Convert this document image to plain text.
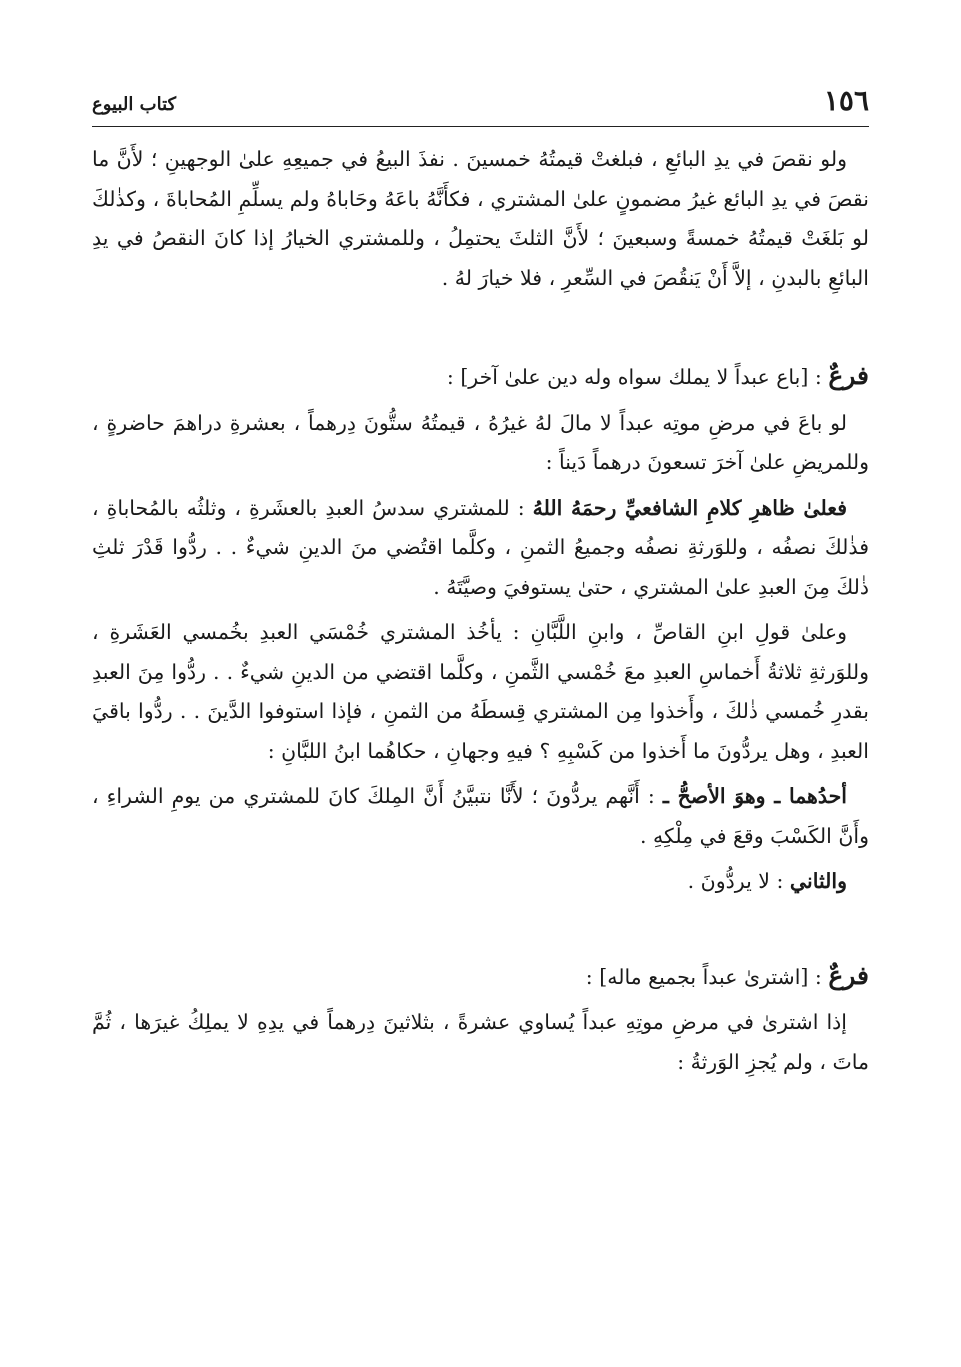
١٥٦
كتاب البيوع

ولو نقصَ في يدِ البائعِ ، فبلغتْ قيمتُهُ خمسينَ . نفذَ البيعُ في جميعِهِ علىٰ الوجهينِ ؛ لأَنَّ ما نقصَ في يدِ البائع غيرُ مضمونٍ علىٰ المشتري ، فكأَنَّهُ باعَهُ وحَاباهُ ولم يسلِّمِ المُحاباةَ ، وكذٰلكَ لو بَلغَتْ قيمتُهُ خمسةً وسبعينَ ؛ لأَنَّ الثلثَ يحتمِلُ ، وللمشتري الخيارُ إذا كانَ النقصُ في يدِ البائعِ بالبدنِ ، إلاَّ أَنْ يَنقُصَ في السِّعرِ ، فلا خيارَ لهُ .

فرعٌ : [باع عبداً لا يملك سواه وله دين علىٰ آخر] :

لو باعَ في مرضِ موتِه عبداً لا مالَ لهُ غيرُهُ ، قيمتُهُ ستُّونَ دِرهماً ، بعشرةِ دراهمَ حاضرةٍ ، وللمريضِ علىٰ آخرَ تسعونَ درهماً دَيناً :

فعلىٰ ظاهرِ كلامِ الشافعيِّ رحمَهُ اللهُ : للمشتري سدسُ العبدِ بالعشَرةِ ، وثلثُه بالمُحاباةِ ، فذٰلكَ نصفُه ، وللوَرثةِ نصفُه وجميعُ الثمنِ ، وكلَّما اقتُضي منَ الدينِ شيءٌ . . ردُّوا قَدْرَ ثلثِ ذٰلكَ مِنَ العبدِ علىٰ المشتري ، حتىٰ يستوفيَ وصيَّتَهُ .

وعلىٰ قولِ ابنِ القاصِّ ، وابنِ اللَّبَّانِ : يأخُذ المشتري خُمْسَي العبدِ بخُمسي العَشَرةِ ، وللوَرثةِ ثلاثةُ أَخماسِ العبدِ معَ خُمْسي الثَّمنِ ، وكلَّما اقتضي من الدينِ شيءٌ . . ردُّوا مِنَ العبدِ بقدرِ خُمسي ذٰلكَ ، وأَخذوا مِن المشتري قِسطَهُ من الثمنِ ، فإذا استوفوا الدَّينَ . . ردُّوا باقيَ العبدِ ، وهل يردُّونَ ما أَخذوا من كَسْبِهِ ؟ فيهِ وجهانِ ، حكاهُما ابنُ اللبَّانِ :

أحدُهما ـ وهوَ الأصحُّ ـ : أَنَّهم يردُّونَ ؛ لأَنَّا نتبيَّنُ أَنَّ المِلكَ كانَ للمشتري من يومِ الشراءِ ، وأَنَّ الكَسْبَ وقعَ في مِلْكِهِ .

والثاني : لا يردُّونَ .

فرعٌ : [اشترىٰ عبداً بجميع ماله] :

إذا اشترىٰ في مرضِ موتِهِ عبداً يُساوي عشرةً ، بثلاثينَ دِرهماً في يدِهِ لا يملِكُ غيرَها ، ثُمَّ ماتَ ، ولم يُجزِ الوَرثةُ :
